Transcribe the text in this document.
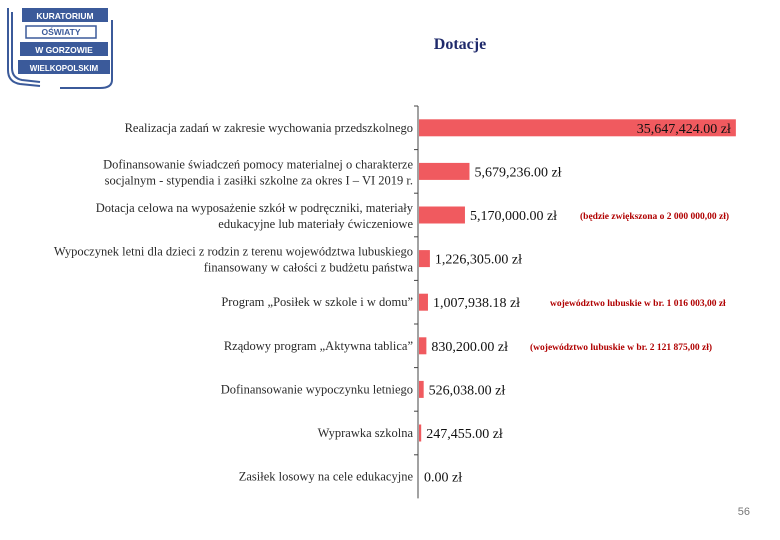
KURATORIUM
OŚWIATY
W GORZOWIE
WIELKOPOLSKIM
Dotacje
Realizacja zadań w zakresie wychowania przedszkolnego	35,647,424.00 zł
Dofinansowanie świadczeń pomocy materialnej o charakterze socjalnym - stypendia i zasiłki szkolne za okres I – VI 2019 r.	5,679,236.00 zł
Dotacja celowa na wyposażenie szkół w podręczniki, materiały edukacyjne lub materiały ćwiczeniowe	5,170,000.00 zł (będzie zwiększona o 2 000 000,00 zł)
Wypoczynek letni dla dzieci z rodzin z terenu województwa lubuskiego finansowany w całości z budżetu państwa 1,226,305.00 zł
Program „Posiłek w szkole i w domu” 1,007,938.18 zł	województwo lubuskie w br. 1 016 003,00 zł
Rządowy program „Aktywna tablica” 830,200.00 zł (województwo lubuskie w br. 2 121 875,00 zł)
Dofinansowanie wypoczynku letniego 526,038.00 zł
Wyprawka szkolna 247,455.00 zł
Zasiłek losowy na cele edukacyjne 0.00 zł
56
